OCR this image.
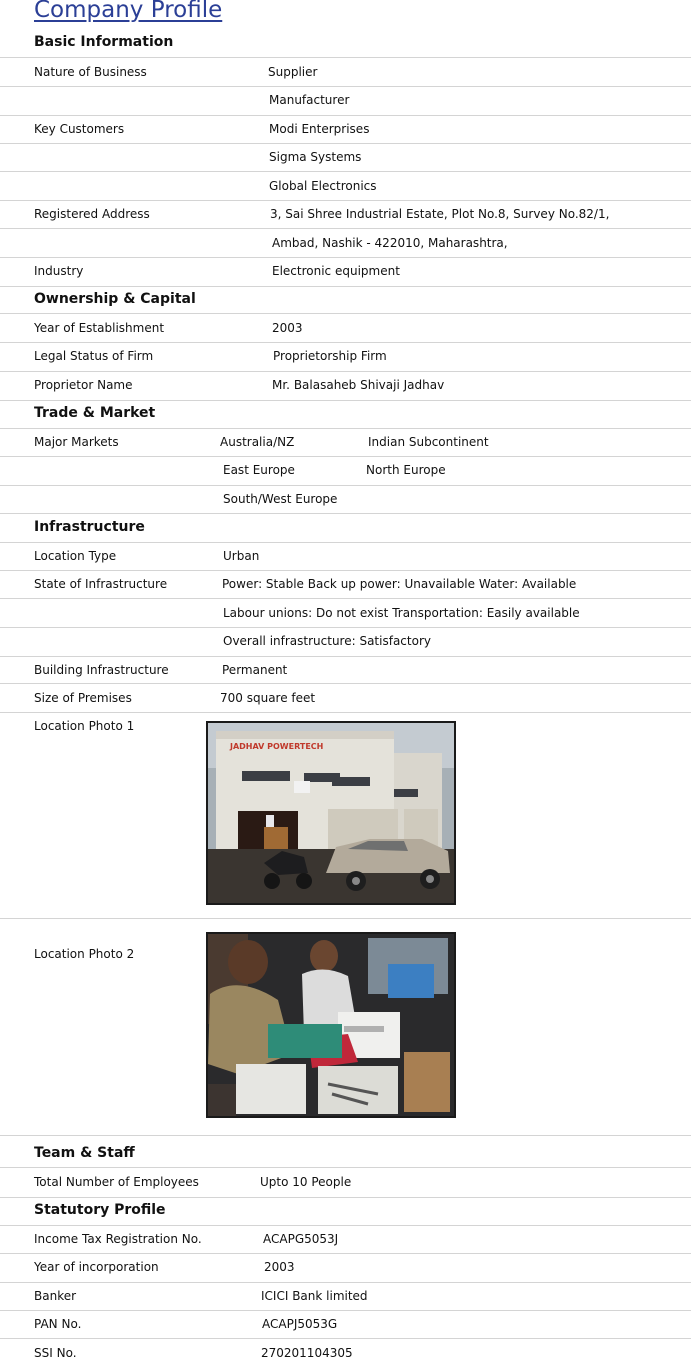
Company Profile
Basic Information
Nature of Business	Supplier
Manufacturer
Key Customers	Modi Enterprises
Sigma Systems
Global Electronics
Registered Address	3, Sai Shree Industrial Estate, Plot No.8, Survey No.82/1,
Ambad, Nashik - 422010, Maharashtra,
Industry	Electronic equipment
Ownership & Capital
Year of Establishment	2003
Legal Status of Firm	Proprietorship Firm
Proprietor Name	Mr. Balasaheb Shivaji Jadhav
Trade & Market
Major Markets	Australia/NZ	Indian Subcontinent
East Europe	North Europe
South/West Europe
Infrastructure
Location Type	Urban
State of Infrastructure	Power: Stable Back up power: Unavailable Water: Available
Labour unions: Do not exist Transportation: Easily available
Overall infrastructure: Satisfactory
Building Infrastructure	Permanent
Size of Premises	700 square feet
Location Photo 1
JADHAV POWERTECH
Location Photo 2
Team & Staff
Total Number of Employees	Upto 10 People
Statutory Profile
Income Tax Registration No.	ACAPG5053J
Year of incorporation	2003
Banker	ICICI Bank limited
PAN No.	ACAPJ5053G
SSI No.	270201104305
